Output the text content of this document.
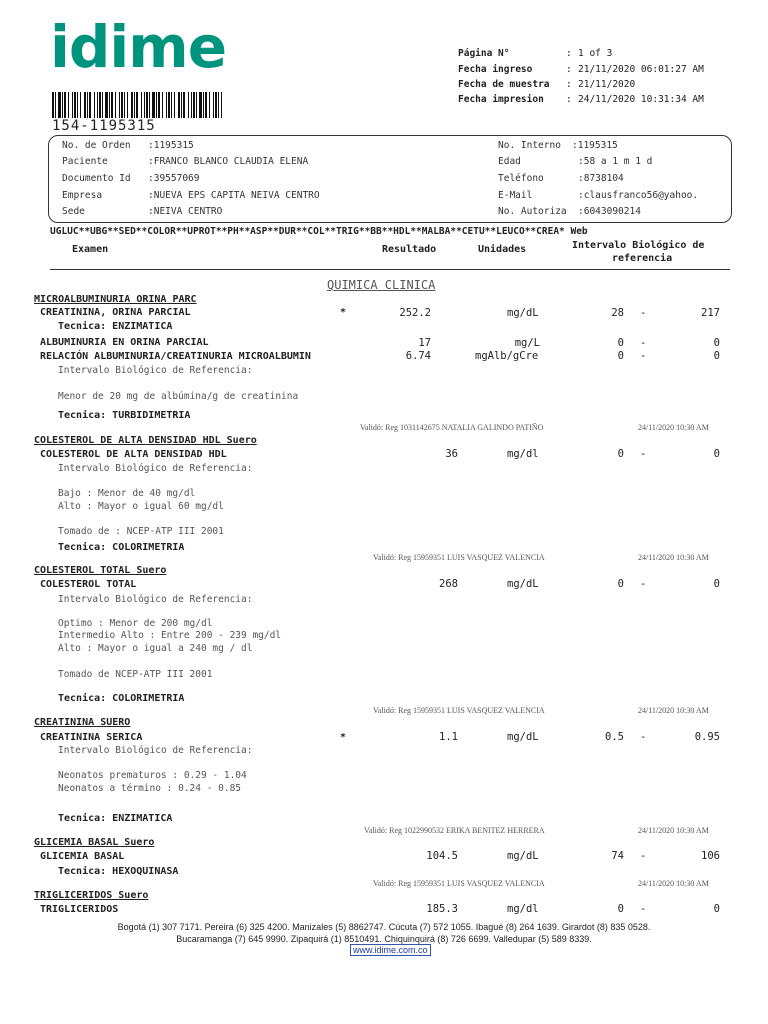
idime
154-1195315
Página N°	: 1 of 3
Fecha ingreso	: 21/11/2020 06:01:27 AM
Fecha de muestra : 21/11/2020
Fecha impresion : 24/11/2020 10:31:34 AM
No. de Orden :1195315
Paciente	:FRANCO BLANCO CLAUDIA ELENA
Documento Id :39557069
Empresa	:NUEVA EPS CAPITA NEIVA CENTRO
Sede	:NEIVA CENTRO
No. Interno :1195315
Edad	:58 a 1 m 1 d
Teléfono	:8738104
E-Mail	:clausfranco56@yahoo.
No. Autoriza :6043090214
UGLUC**UBG**SED**COLOR**UPROT**PH**ASP**DUR**COL**TRIG**BB**HDL**MALBA**CETU**LEUCO**CREA* Web
Examen	Resultado	Unidades	Intervalo Biológico de
referencia
QUIMICA CLINICA
MICROALBUMINURIA ORINA PARC
CREATININA, ORINA PARCIAL	*	252.2	mg/dL	28 -	217
Tecnica: ENZIMATICA
ALBUMINURIA EN ORINA PARCIAL	17	mg/L	0 -	0
RELACIÓN ALBUMINURIA/CREATINURIA MICROALBUMIN	6.74	mgAlb/gCre	0 -	0
Intervalo Biológico de Referencia:
Menor de 20 mg de albúmina/g de creatinina
Tecnica: TURBIDIMETRIA
Validó: Reg 1031142675 NATALIA GALINDO PATIÑO	24/11/2020 10:30 AM
COLESTEROL DE ALTA DENSIDAD HDL Suero
COLESTEROL DE ALTA DENSIDAD HDL	36	mg/dl	0 -	0
Intervalo Biológico de Referencia:
Bajo : Menor de 40 mg/dl
Alto : Mayor o igual 60 mg/dl
Tomado de : NCEP-ATP III 2001
Tecnica: COLORIMETRIA
Validó: Reg 15959351 LUIS VASQUEZ VALENCIA	24/11/2020 10:30 AM
COLESTEROL TOTAL Suero
COLESTEROL TOTAL	268	mg/dL	0 -	0
Intervalo Biológico de Referencia:
Optimo : Menor de 200 mg/dl
Intermedio Alto : Entre 200 - 239 mg/dl
Alto : Mayor o igual a 240 mg / dl
Tomado de NCEP-ATP III 2001
Tecnica: COLORIMETRIA
Validó: Reg 15959351 LUIS VASQUEZ VALENCIA	24/11/2020 10:30 AM
CREATININA SUERO
CREATININA SERICA	*	1.1	mg/dL	0.5 -	0.95
Intervalo Biológico de Referencia:
Neonatos prematuros : 0.29 - 1.04
Neonatos a término : 0.24 - 0.85
Tecnica: ENZIMATICA
Validó: Reg 1022990532 ERIKA BENITEZ HERRERA	24/11/2020 10:30 AM
GLICEMIA BASAL Suero
GLICEMIA BASAL	104.5	mg/dL	74 -	106
Tecnica: HEXOQUINASA
Validó: Reg 15959351 LUIS VASQUEZ VALENCIA	24/11/2020 10:30 AM
TRIGLICERIDOS Suero
TRIGLICERIDOS	185.3	mg/dl	0 -	0
Bogotá (1) 307 7171. Pereira (6) 325 4200. Manizales (5) 8862747. Cúcuta (7) 572 1055. Ibagué (8) 264 1639. Girardot (8) 835 0528.
Bucaramanga (7) 645 9990. Zipaquirá (1) 8510491. Chiquinquirá (8) 726 6699. Valledupar (5) 589 8339.
www.idime.com.co
